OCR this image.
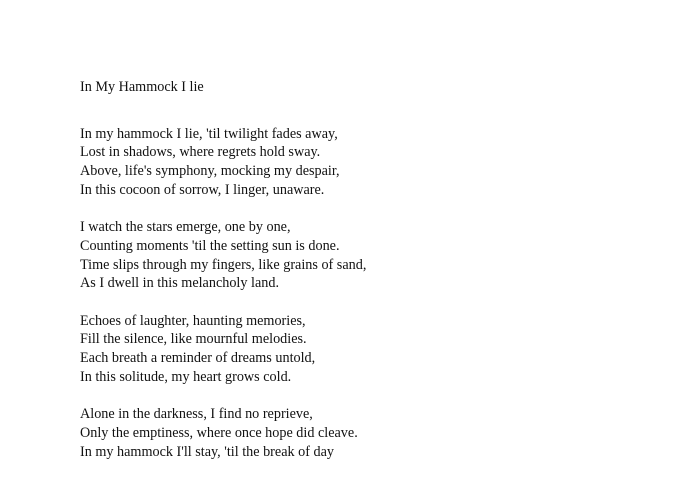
In My Hammock I lie
In my hammock I lie, 'til twilight fades away,
Lost in shadows, where regrets hold sway.
Above, life's symphony, mocking my despair,
In this cocoon of sorrow, I linger, unaware.
I watch the stars emerge, one by one,
Counting moments 'til the setting sun is done.
Time slips through my fingers, like grains of sand,
As I dwell in this melancholy land.
Echoes of laughter, haunting memories,
Fill the silence, like mournful melodies.
Each breath a reminder of dreams untold,
In this solitude, my heart grows cold.
Alone in the darkness, I find no reprieve,
Only the emptiness, where once hope did cleave.
In my hammock I'll stay, 'til the break of day
